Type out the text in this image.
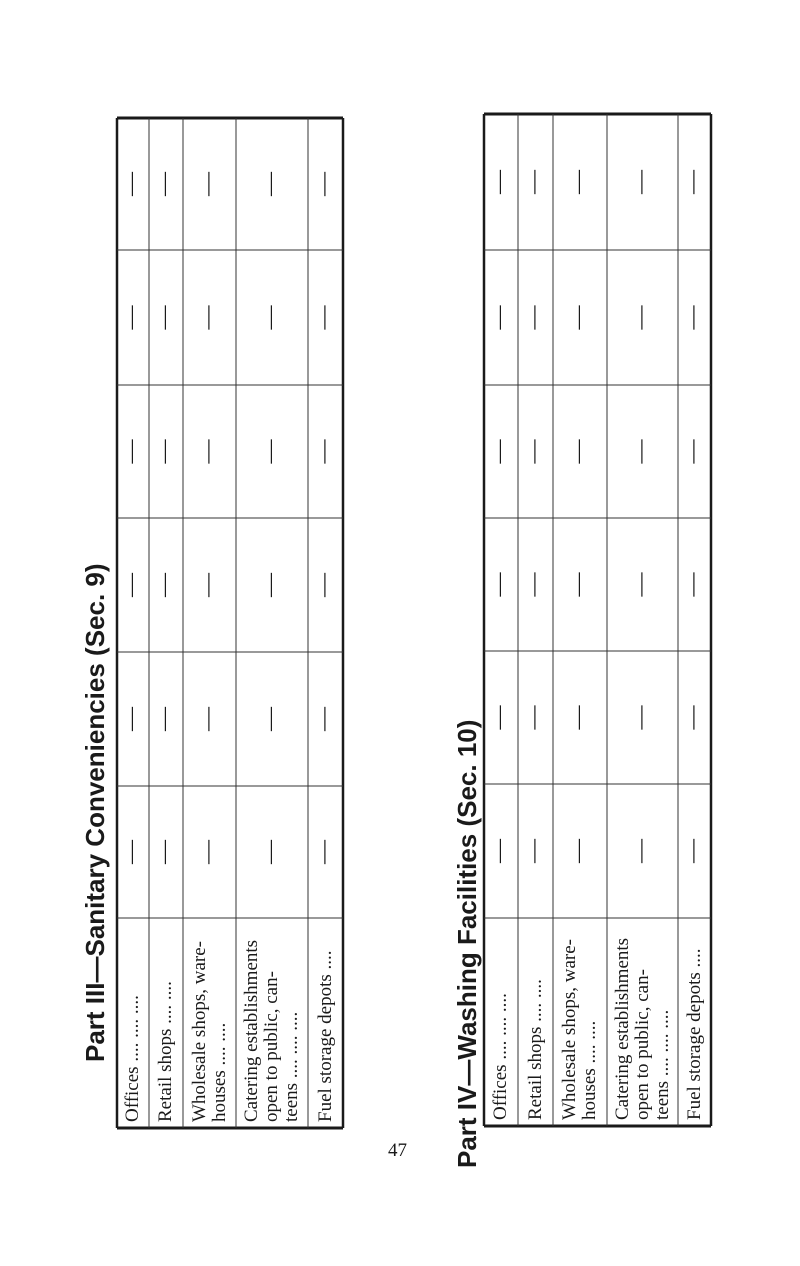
Part III—Sanitary Conveniencies (Sec. 9)
—
—
—
—
—
—
—
—
—
—
—
—
—
—
—
—
—
—
—
—
—
—
—
—
—
—
—
—
—
—
Offices .... .... .... Retail shops .... .... Wholesale shops, ware- houses .... .... Catering establishments open to public, can- teens .... .... .... Fuel storage depots ....	Part IV—Washing Facilities (Sec. 10)
—
—
—
—
—
—
—
—
—
—
—
—
—
—
—
—
—
—
—
—
—
—
—
—
—
—
—
—
—
—
Offices .... .... .... Retail shops .... .... Wholesale shops, ware- houses .... .... Catering establishments open to public, can- teens .... .... .... Fuel storage depots ....
47
